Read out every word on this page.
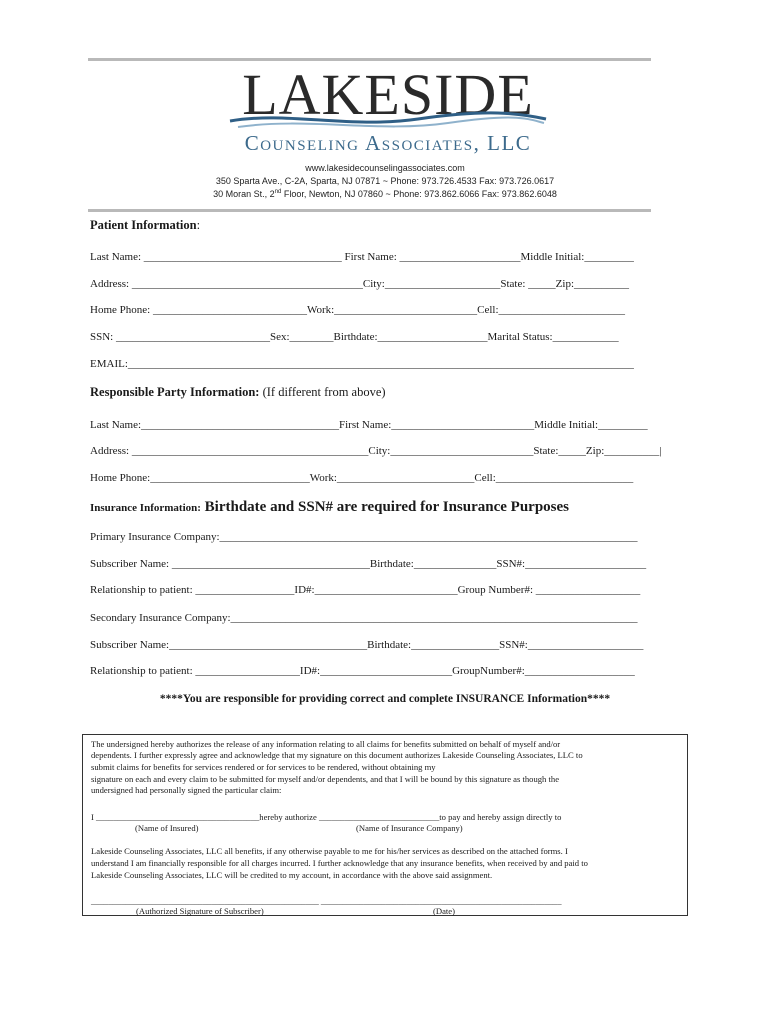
LAKESIDE
Counseling Associates, LLC
www.lakesidecounselingassociates.com
350 Sparta Ave., C-2A, Sparta, NJ 07871 ~ Phone: 973.726.4533 Fax: 973.726.0617
30 Moran St., 2nd Floor, Newton, NJ 07860 ~ Phone: 973.862.6066 Fax: 973.862.6048
Patient Information:
Last Name: ____________________________________ First Name: ______________________Middle Initial:_________
Address: __________________________________________City:_____________________State: _____Zip:__________
Home Phone: ____________________________Work:__________________________Cell:_______________________
SSN: ____________________________Sex:________Birthdate:____________________Marital Status:____________
EMAIL:____________________________________________________________________________________________
Responsible Party Information: (If different from above)
Last Name:____________________________________First Name:__________________________Middle Initial:_________
Address: ___________________________________________City:__________________________State:_____Zip:__________|
Home Phone:_____________________________Work:_________________________Cell:_________________________
Insurance Information: Birthdate and SSN# are required for Insurance Purposes
Primary Insurance Company:____________________________________________________________________________
Subscriber Name: ____________________________________Birthdate:_______________SSN#:______________________
Relationship to patient: __________________ID#:__________________________Group Number#: ___________________
Secondary Insurance Company:__________________________________________________________________________
Subscriber Name:____________________________________Birthdate:________________SSN#:_____________________
Relationship to patient: ___________________ID#:________________________GroupNumber#:____________________
****You are responsible for providing correct and complete INSURANCE Information****
The undersigned hereby authorizes the release of any information relating to all claims for benefits submitted on behalf of myself and/or
dependents. I further expressly agree and acknowledge that my signature on this document authorizes Lakeside Counseling Associates, LLC to
submit claims for benefits for services rendered or for services to be rendered, without obtaining my
signature on each and every claim to be submitted for myself and/or dependents, and that I will be bound by this signature as though the
undersigned had personally signed the particular claim:
I ______________________________________hereby authorize ____________________________to pay and hereby assign directly to
(Name of Insured)	(Name of Insurance Company)
Lakeside Counseling Associates, LLC all benefits, if any otherwise payable to me for his/her services as described on the attached forms. I
understand I am financially responsible for all charges incurred. I further acknowledge that any insurance benefits, when received by and paid to
Lakeside Counseling Associates, LLC will be credited to my account, in accordance with the above said assignment.
_____________________________________________________ ________________________________________________________
(Authorized Signature of Subscriber)	(Date)
